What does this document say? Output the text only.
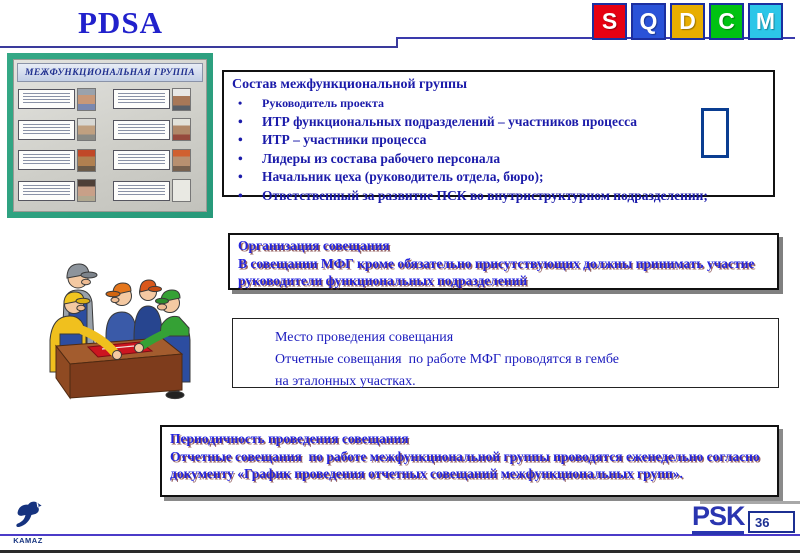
PDSA	S Q D C M
МЕЖФУНКЦИОНАЛЬНАЯ ГРУППА
Состав межфункциональной группы
•	Руководитель проекта
•	ИТР функциональных подразделений – участников процесса
•	ИТР – участники процесса
•	Лидеры из состава рабочего персонала
•	Начальник цеха (руководитель отдела, бюро);
•	Ответственный за развитие ПСК во внутриструктурном подразделении;
Организация совещания
В совещании МФГ кроме обязательно присутствующих должны принимать участие руководители функциональных подразделений
Место проведения совещания
Отчетные совещания  по работе МФГ проводятся в гембе
на эталонных участках.
Периодичность проведения совещания
Отчетные совещания  по работе межфункциональной группы проводятся еженедельно согласно документу «График проведения отчетных совещаний межфункциональных групп».
KAMAZ
PSK 36
